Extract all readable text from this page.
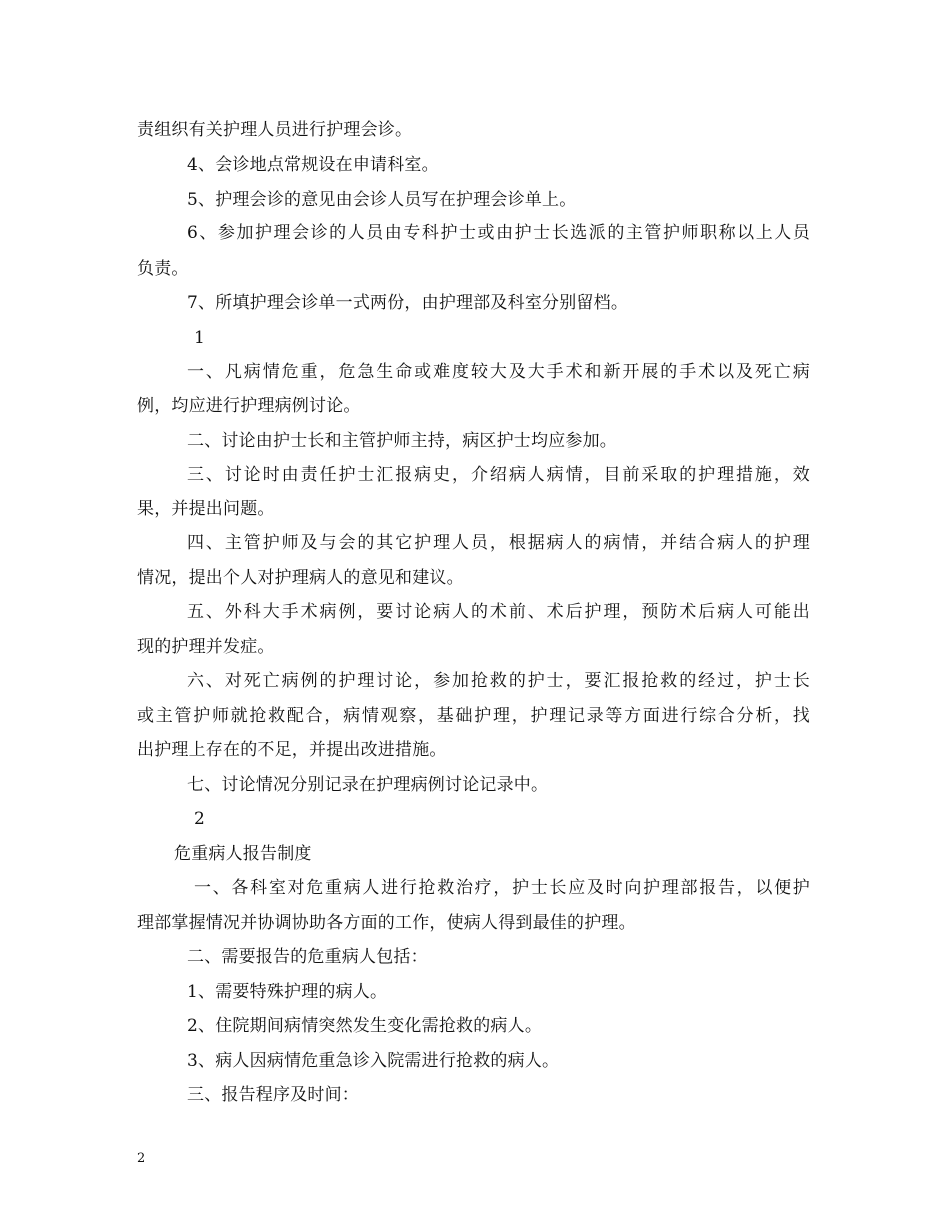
责组织有关护理人员进行护理会诊。
4、会诊地点常规设在申请科室。
5、护理会诊的意见由会诊人员写在护理会诊单上。
6、参加护理会诊的人员由专科护士或由护士长选派的主管护师职称以上人员
负责。
7、所填护理会诊单一式两份，由护理部及科室分别留档。
1
一、凡病情危重，危急生命或难度较大及大手术和新开展的手术以及死亡病
例，均应进行护理病例讨论。
二、讨论由护士长和主管护师主持，病区护士均应参加。
三、讨论时由责任护士汇报病史，介绍病人病情，目前采取的护理措施，效
果，并提出问题。
四、主管护师及与会的其它护理人员，根据病人的病情，并结合病人的护理
情况，提出个人对护理病人的意见和建议。
五、外科大手术病例，要讨论病人的术前、术后护理，预防术后病人可能出
现的护理并发症。
六、对死亡病例的护理讨论，参加抢救的护士，要汇报抢救的经过，护士长
或主管护师就抢救配合，病情观察，基础护理，护理记录等方面进行综合分析，找
出护理上存在的不足，并提出改进措施。
七、讨论情况分别记录在护理病例讨论记录中。
2
危重病人报告制度
一、各科室对危重病人进行抢救治疗，护士长应及时向护理部报告，以便护
理部掌握情况并协调协助各方面的工作，使病人得到最佳的护理。
二、需要报告的危重病人包括：
1、需要特殊护理的病人。
2、住院期间病情突然发生变化需抢救的病人。
3、病人因病情危重急诊入院需进行抢救的病人。
三、报告程序及时间：
2
